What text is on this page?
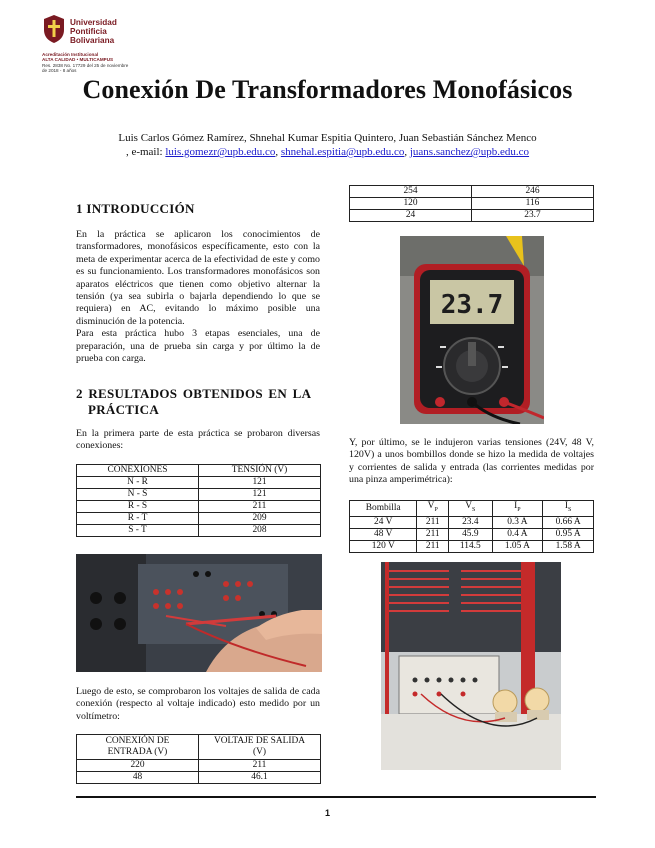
Universidad
Pontificia
Bolivariana
Acreditación Institucional
ALTA CALIDAD • MULTICAMPUS
Res. 2838 No. 17729 del 25 de noviembre de 2018 - 8 años
Conexión De Transformadores Monofásicos
Luis Carlos Gómez Ramírez, Shnehal Kumar Espitia Quintero, Juan Sebastián Sánchez Menco
, e-mail: luis.gomezr@upb.edu.co, shnehal.espitia@upb.edu.co, juans.sanchez@upb.edu.co
1 INTRODUCCIÓN
En la práctica se aplicaron los conocimientos de transformadores, monofásicos específicamente, esto con la meta de experimentar acerca de la efectividad de este y como es su funcionamiento. Los transformadores monofásicos son aparatos eléctricos que tienen como objetivo alternar la tensión (ya sea subirla o bajarla dependiendo lo que se requiera) en AC, evitando lo máximo posible una disminución de la potencia.
Para esta práctica hubo 3 etapas esenciales, una de preparación, una de prueba sin carga y por último la de prueba con carga.
2 RESULTADOS OBTENIDOS EN LA
PRÁCTICA
En la primera parte de esta práctica se probaron diversas conexiones:
CONEXIONES	TENSIÓN (V)
N - R	121
N - S	121
R - S	211
R - T	209
S - T	208
Luego de esto, se comprobaron los voltajes de salida de cada conexión (respecto al voltaje indicado) esto medido por un voltímetro:
CONEXIÓN DE ENTRADA (V)	VOLTAJE DE SALIDA (V)
220	211
48	46.1
254	246
120	116
24	23.7
23.7
Y, por último, se le indujeron varias tensiones (24V, 48 V, 120V) a unos bombillos donde se hizo la medida de voltajes y corrientes de salida y entrada (las corrientes medidas por una pinza amperimétrica):
Bombilla	$V_P$	$V_S$	$I_P$	$I_S$
24 V	211	23.4	0.3 A	0.66 A
48 V	211	45.9	0.4 A	0.95 A
120 V	211	114.5	1.05 A	1.58 A
1
